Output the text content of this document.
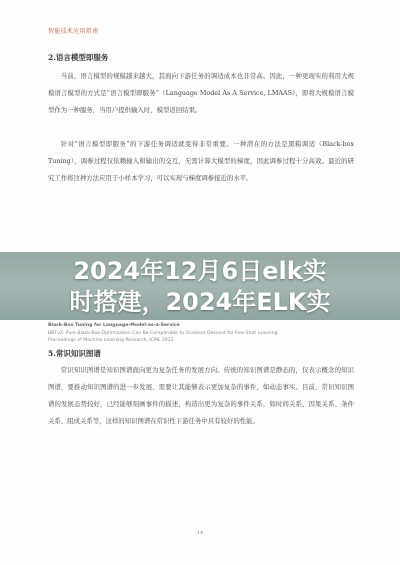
智能技术应用指南
2.语言模型即服务

当前，语言模型的规模越来越大，其面向下游任务的调适成本也非常高。因此，一种更现实的利用大规模语言模型的方式是“语言模型即服务”（Language Model As A Service, LMAAS），即将大规模语言模型作为一种服务，当用户提供输入时，模型返回结果。

针对“语言模型即服务”的下游任务调适就变得非常重要。一种潜在的方法是黑箱调适（Black-box Tuning），调参过程仅依赖输入和输出的交互，无需计算大模型的梯度，因此调参过程十分高效。最近的研究工作将这种方法应用于小样本学习，可以实现与梯度调参接近的水平。

Black-Box Tuning for Language-Model-as-a-Service
BBTv2: Pure Black-Box Optimization Can Be Comparable to Gradient Descent for Few-Shot Learning
Proceedings of Machine Learning Research, ICML 2022
5.常识知识图谱

常识知识图谱是知识图谱面向更为复杂任务的发展方向。传统的知识图谱是静态的，仅表示概念的知识图谱，要推动知识图谱的进一步发展，需要让其能够表示更加复杂的事件，如动态事实。目前，常识知识图谱的发展态势较好，已经能够刻画事件的描述，构造出更为复杂的事件关系，如时间关系、因果关系、条件关系、组成关系等，这样的知识图谱在常识性下游任务中具有较好的性能。

14
2024年12月6日elk实
时搭建，2024年ELK实
